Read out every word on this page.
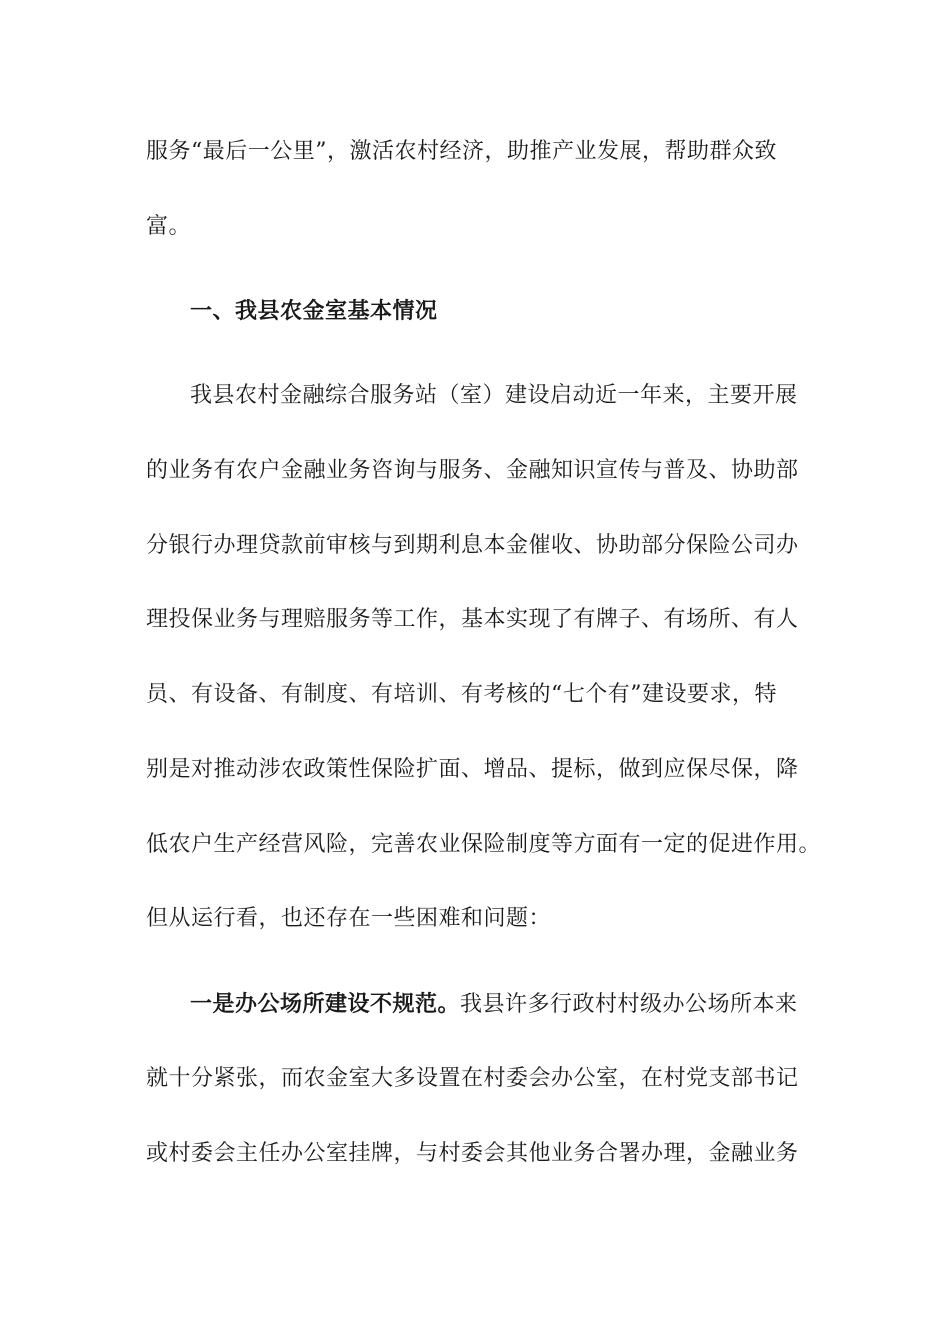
服务“最后一公里”，激活农村经济，助推产业发展，帮助群众致
富。
一、我县农金室基本情况
我县农村金融综合服务站（室）建设启动近一年来，主要开展
的业务有农户金融业务咨询与服务、金融知识宣传与普及、协助部
分银行办理贷款前审核与到期利息本金催收、协助部分保险公司办
理投保业务与理赔服务等工作，基本实现了有牌子、有场所、有人
员、有设备、有制度、有培训、有考核的“七个有”建设要求，特
别是对推动涉农政策性保险扩面、增品、提标，做到应保尽保，降
低农户生产经营风险，完善农业保险制度等方面有一定的促进作用。
但从运行看，也还存在一些困难和问题：
一是办公场所建设不规范。我县许多行政村村级办公场所本来
就十分紧张，而农金室大多设置在村委会办公室，在村党支部书记
或村委会主任办公室挂牌，与村委会其他业务合署办理，金融业务
